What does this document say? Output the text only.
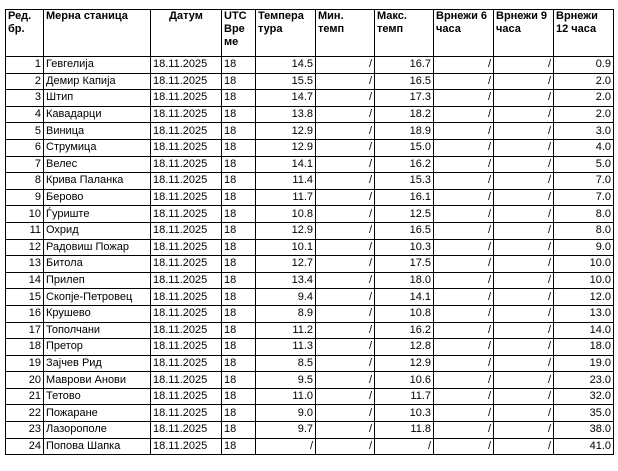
Ред. бр.	Мерна станица	Датум	UTC Вре ме	Темпера тура	Мин. темп	Макс. темп	Врнежи 6 часа	Врнежи 9 часа	Врнежи 12 часа
1	Гевгелија	18.11.2025	18	14.5	/	16.7	/	/	0.9
2	Демир Капија	18.11.2025	18	15.5	/	16.5	/	/	2.0
3	Штип	18.11.2025	18	14.7	/	17.3	/	/	2.0
4	Кавадарци	18.11.2025	18	13.8	/	18.2	/	/	2.0
5	Виница	18.11.2025	18	12.9	/	18.9	/	/	3.0
6	Струмица	18.11.2025	18	12.9	/	15.0	/	/	4.0
7	Велес	18.11.2025	18	14.1	/	16.2	/	/	5.0
8	Крива Паланка	18.11.2025	18	11.4	/	15.3	/	/	7.0
9	Берово	18.11.2025	18	11.7	/	16.1	/	/	7.0
10	Ѓуриште	18.11.2025	18	10.8	/	12.5	/	/	8.0
11	Охрид	18.11.2025	18	12.9	/	16.5	/	/	8.0
12	Радовиш Пожар	18.11.2025	18	10.1	/	10.3	/	/	9.0
13	Битола	18.11.2025	18	12.7	/	17.5	/	/	10.0
14	Прилеп	18.11.2025	18	13.4	/	18.0	/	/	10.0
15	Скопје-Петровец	18.11.2025	18	9.4	/	14.1	/	/	12.0
16	Крушево	18.11.2025	18	8.9	/	10.8	/	/	13.0
17	Тополчани	18.11.2025	18	11.2	/	16.2	/	/	14.0
18	Претор	18.11.2025	18	11.3	/	12.8	/	/	18.0
19	Зајчев Рид	18.11.2025	18	8.5	/	12.9	/	/	19.0
20	Маврови Анови	18.11.2025	18	9.5	/	10.6	/	/	23.0
21	Тетово	18.11.2025	18	11.0	/	11.7	/	/	32.0
22	Пожаране	18.11.2025	18	9.0	/	10.3	/	/	35.0
23	Лазорополе	18.11.2025	18	9.7	/	11.8	/	/	38.0
24	Попова Шапка	18.11.2025	18	/	/	/	/	/	41.0
